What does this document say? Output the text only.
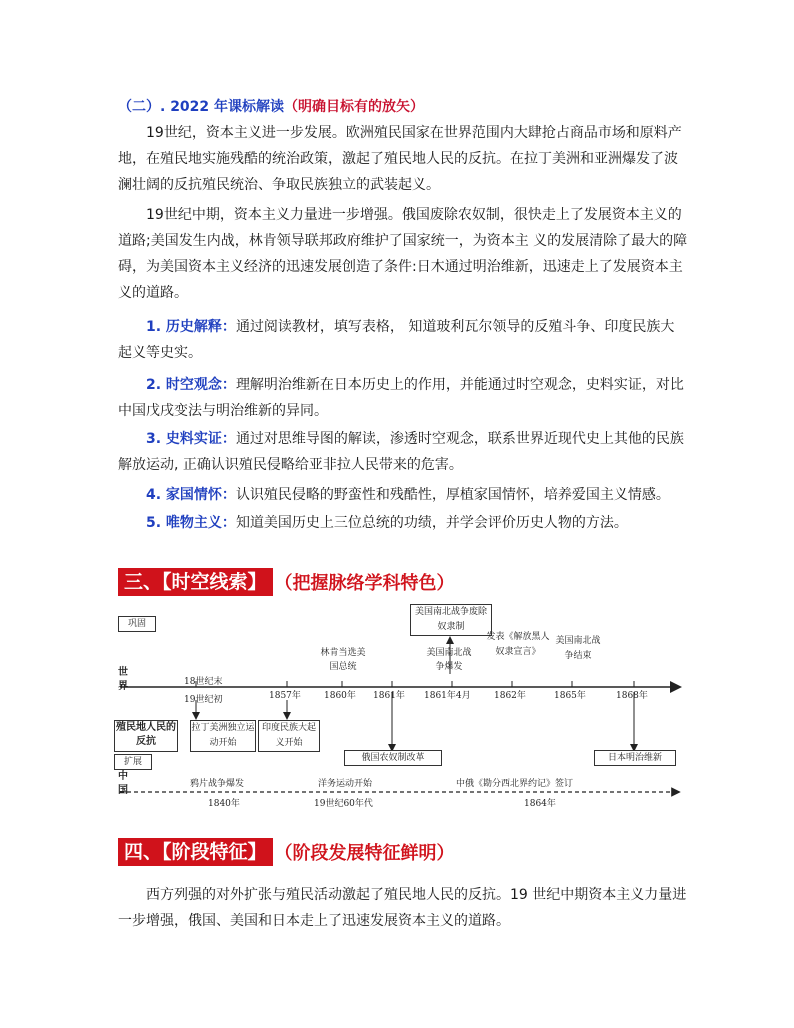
（二）. 2022 年课标解读（明确目标有的放矢）
19世纪，资本主义进一步发展。欧洲殖民国家在世界范围内大肆抢占商品市场和原料产地，在殖民地实施残酷的统治政策，激起了殖民地人民的反抗。在拉丁美洲和亚洲爆发了波澜壮阔的反抗殖民统治、争取民族独立的武装起义。
19世纪中期，资本主义力量进一步增强。俄国废除农奴制，很快走上了发展资本主义的道路;美国发生内战，林肯领导联邦政府维护了国家统一，为资本主 义的发展清除了最大的障碍，为美国资本主义经济的迅速发展创造了条件:日木通过明治维新，迅速走上了发展资本主义的道路。
1. 历史解释：通过阅读教材，填写表格， 知道玻利瓦尔领导的反殖斗争、印度民族大起义等史实。
2. 时空观念：理解明治维新在日本历史上的作用，并能通过时空观念，史料实证，对比中国戊戌变法与明治维新的异同。
3. 史料实证：通过对思维导图的解读，渗透时空观念，联系世界近现代史上其他的民族解放运动, 正确认识殖民侵略给亚非拉人民带来的危害。
4. 家国情怀：认识殖民侵略的野蛮性和残酷性，厚植家国情怀，培养爱国主义情感。
5. 唯物主义：知道美国历史上三位总统的功绩，并学会评价历史人物的方法。
三、【时空线索】 （把握脉络学科特色）
巩固
世界
殖民地人民的反抗
扩展
中国
18世纪末
19世纪初	1857年	1860年 1861年 1861年4月	1862年	1865年	1868年
林肯当选美国总统
美国南北战争废除奴隶制
美国南北战争爆发
发表《解放黑人奴隶宣言》
美国南北战争结束
拉丁美洲独立运动开始
印度民族大起义开始
俄国农奴制改革	日本明治维新
鸦片战争爆发	洋务运动开始	中俄《勘分西北界约记》签订
1840年	19世纪60年代	1864年
四、【阶段特征】 （阶段发展特征鲜明）
西方列强的对外扩张与殖民活动激起了殖民地人民的反抗。19 世纪中期资本主义力量进一步增强，俄国、美国和日本走上了迅速发展资本主义的道路。
